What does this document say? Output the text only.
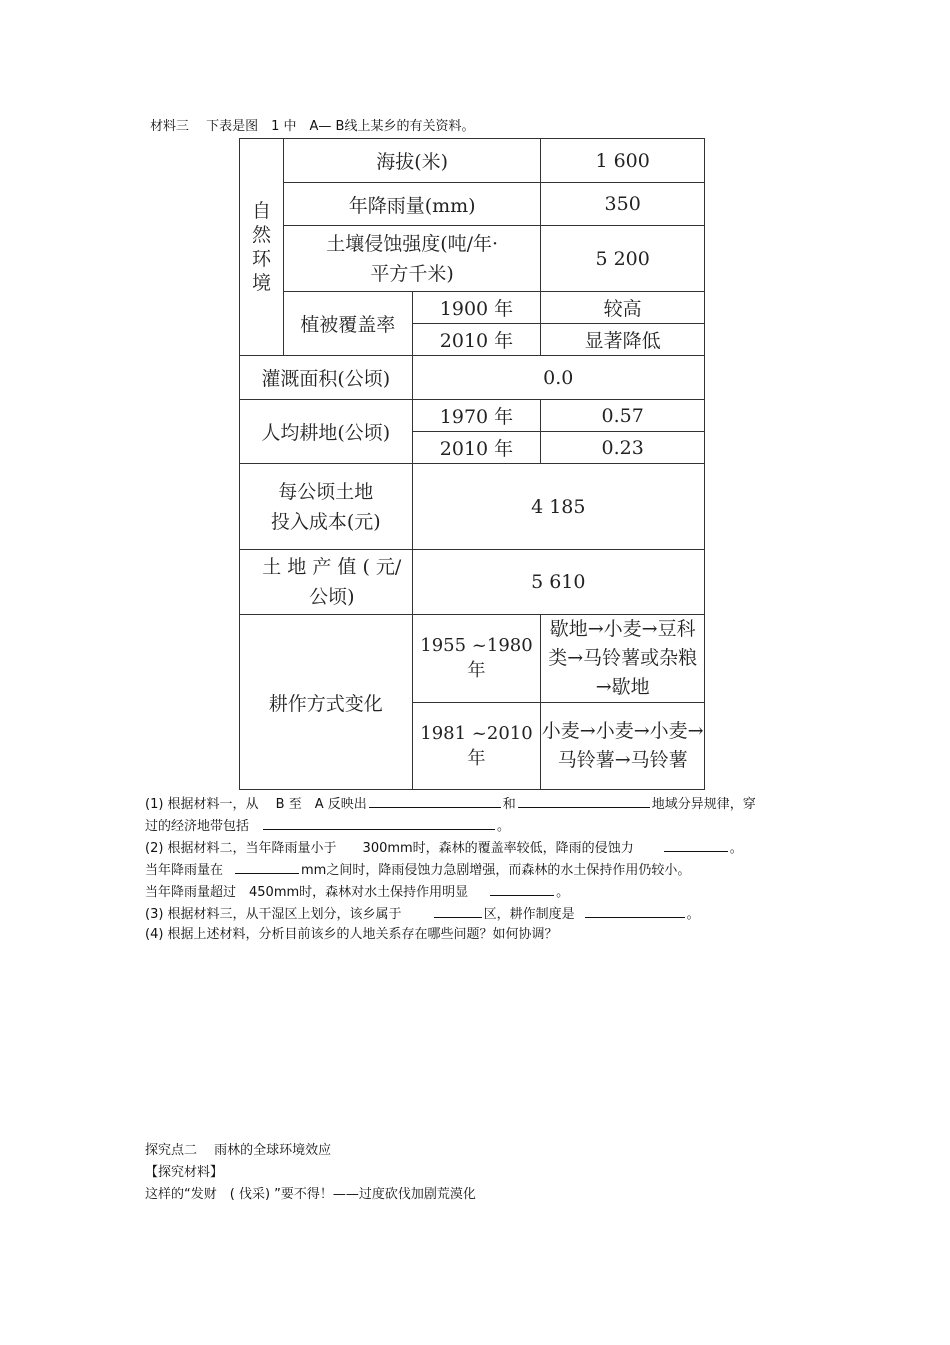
材料三　 下表是图　1 中　A— B线上某乡的有关资料。
自
然
环
境	海拔(米)		1 600
	年降雨量(mm)		350

	土壤侵蚀强度(吨/年·
平方千米)		5 200
	植被覆盖率	1900 年	较高
		2010 年	显著降低
灌溉面积(公顷)		0.0	
人均耕地(公顷)		1970 年	0.57
		2010 年	0.23

每公顷土地
投入成本(元)		4 185	

土 地 产 值 ( 元/
公顷)		5 610	
耕作方式变化		1955 ~1980 年	歇地→小麦→豆科类→马铃薯或杂粮→歇地
		1981 ~2010 年	小麦→小麦→小麦→马铃薯→马铃薯
(1) 根据材料一，从　 B 至　A 反映出	和	地域分异规律，穿
过的经济地带包括	。
(2) 根据材料二，当年降雨量小于　　300mm时，森林的覆盖率较低，降雨的侵蚀力	。
当年降雨量在	mm之间时，降雨侵蚀力急剧增强，而森林的水土保持作用仍较小。
当年降雨量超过　450mm时，森林对水土保持作用明显	。
(3) 根据材料三，从干湿区上划分，该乡属于	区，耕作制度是	。
(4) 根据上述材料，分析目前该乡的人地关系存在哪些问题？如何协调？
探究点二　 雨林的全球环境效应
【探究材料】
这样的“发财　( 伐采) ”要不得！——过度砍伐加剧荒漠化
